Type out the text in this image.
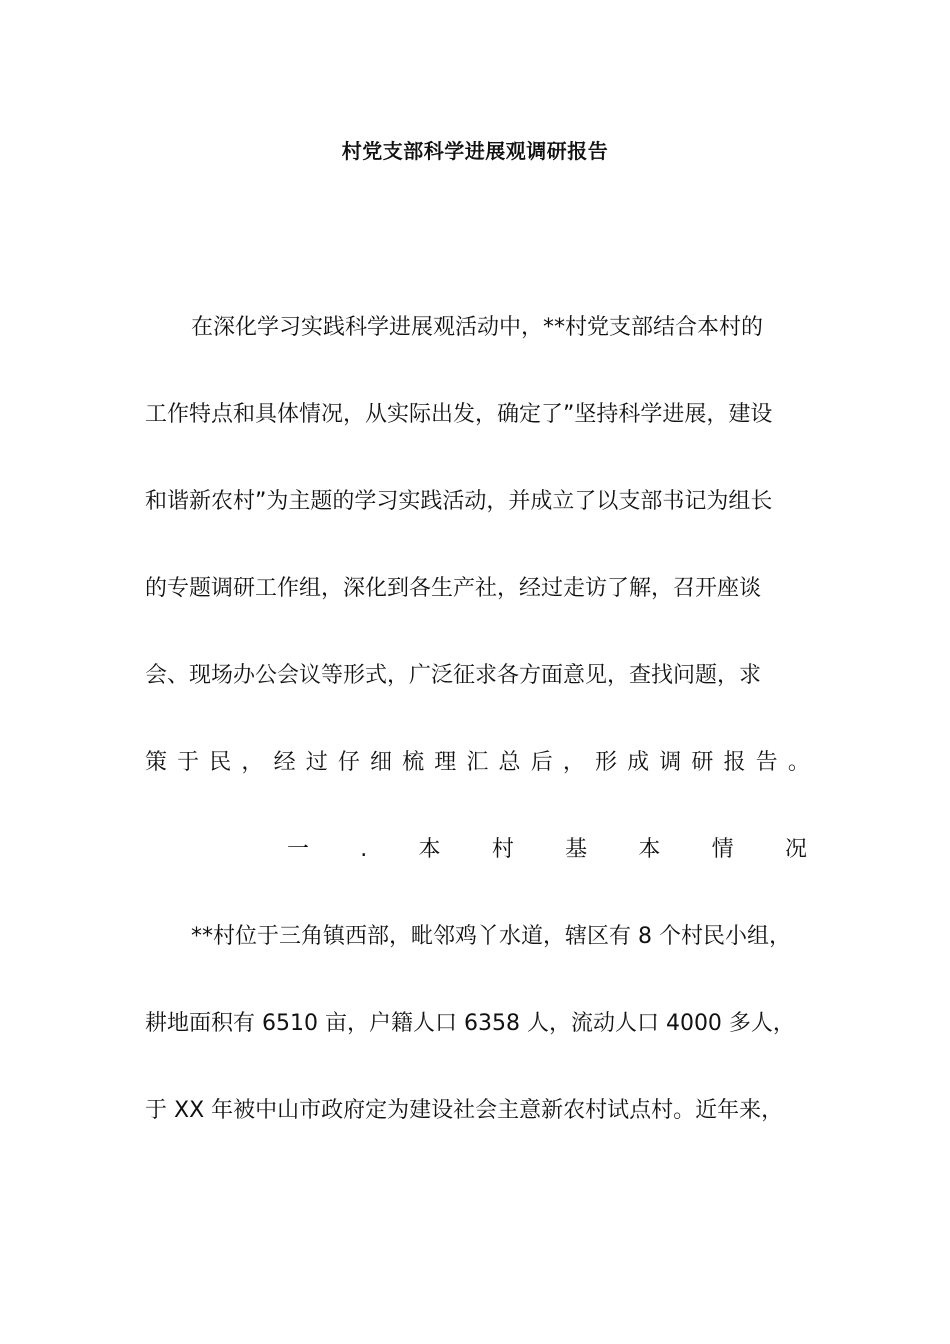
村党支部科学进展观调研报告
在深化学习实践科学进展观活动中，**村党支部结合本村的
工作特点和具体情况，从实际出发，确定了”坚持科学进展，建设
和谐新农村”为主题的学习实践活动，并成立了以支部书记为组长
的专题调研工作组，深化到各生产社，经过走访了解，召开座谈
会、现场办公会议等形式，广泛征求各方面意见，查找问题，求
策 于 民 ， 经 过 仔 细 梳 理 汇 总 后 ， 形 成 调 研 报 告 。
一 . 本 村 基 本 情 况
**村位于三角镇西部，毗邻鸡丫水道，辖区有 8 个村民小组，
耕地面积有 6510 亩，户籍人口 6358 人，流动人口 4000 多人，
于 XX 年被中山市政府定为建设社会主意新农村试点村。近年来，
